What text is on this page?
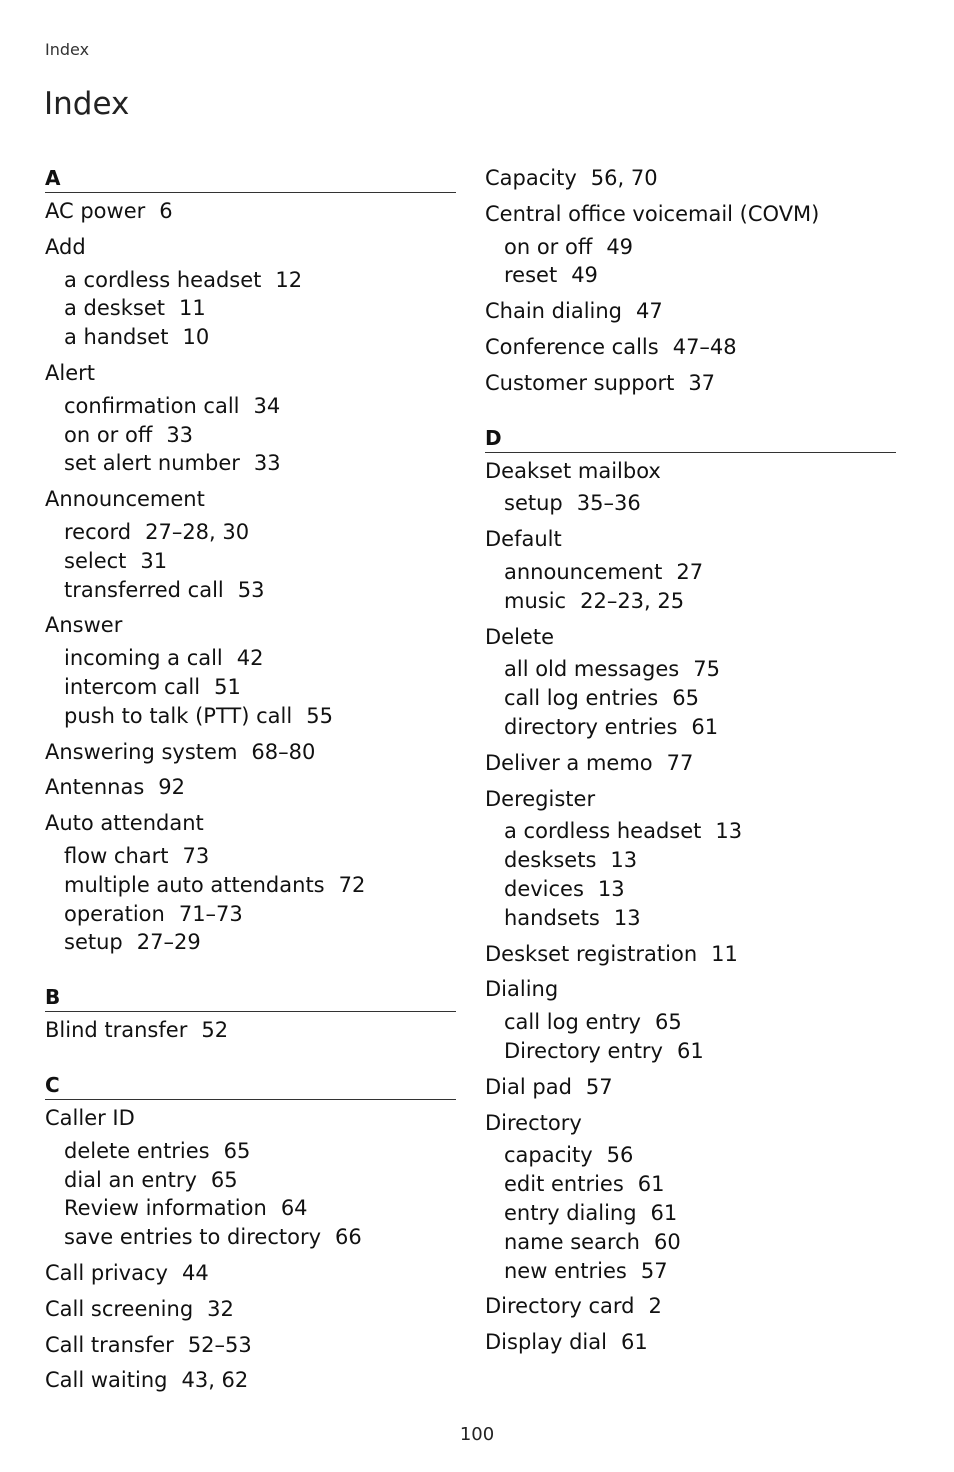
Index
Index
A
AC power 6
Add
a cordless headset 12
a deskset 11
a handset 10
Alert
confirmation call 34
on or off 33
set alert number 33
Announcement
record 27–28, 30
select 31
transferred call 53
Answer
incoming a call 42
intercom call 51
push to talk (PTT) call 55
Answering system 68–80
Antennas 92
Auto attendant
flow chart 73
multiple auto attendants 72
operation 71–73
setup 27–29
B
Blind transfer 52
C
Caller ID
delete entries 65
dial an entry 65
Review information 64
save entries to directory 66
Call privacy 44
Call screening 32
Call transfer 52–53
Call waiting 43, 62
Capacity 56, 70
Central office voicemail (COVM)
on or off 49
reset 49
Chain dialing 47
Conference calls 47–48
Customer support 37
D
Deakset mailbox
setup 35–36
Default
announcement 27
music 22–23, 25
Delete
all old messages 75
call log entries 65
directory entries 61
Deliver a memo 77
Deregister
a cordless headset 13
desksets 13
devices 13
handsets 13
Deskset registration 11
Dialing
call log entry 65
Directory entry 61
Dial pad 57
Directory
capacity 56
edit entries 61
entry dialing 61
name search 60
new entries 57
Directory card 2
Display dial 61
100
